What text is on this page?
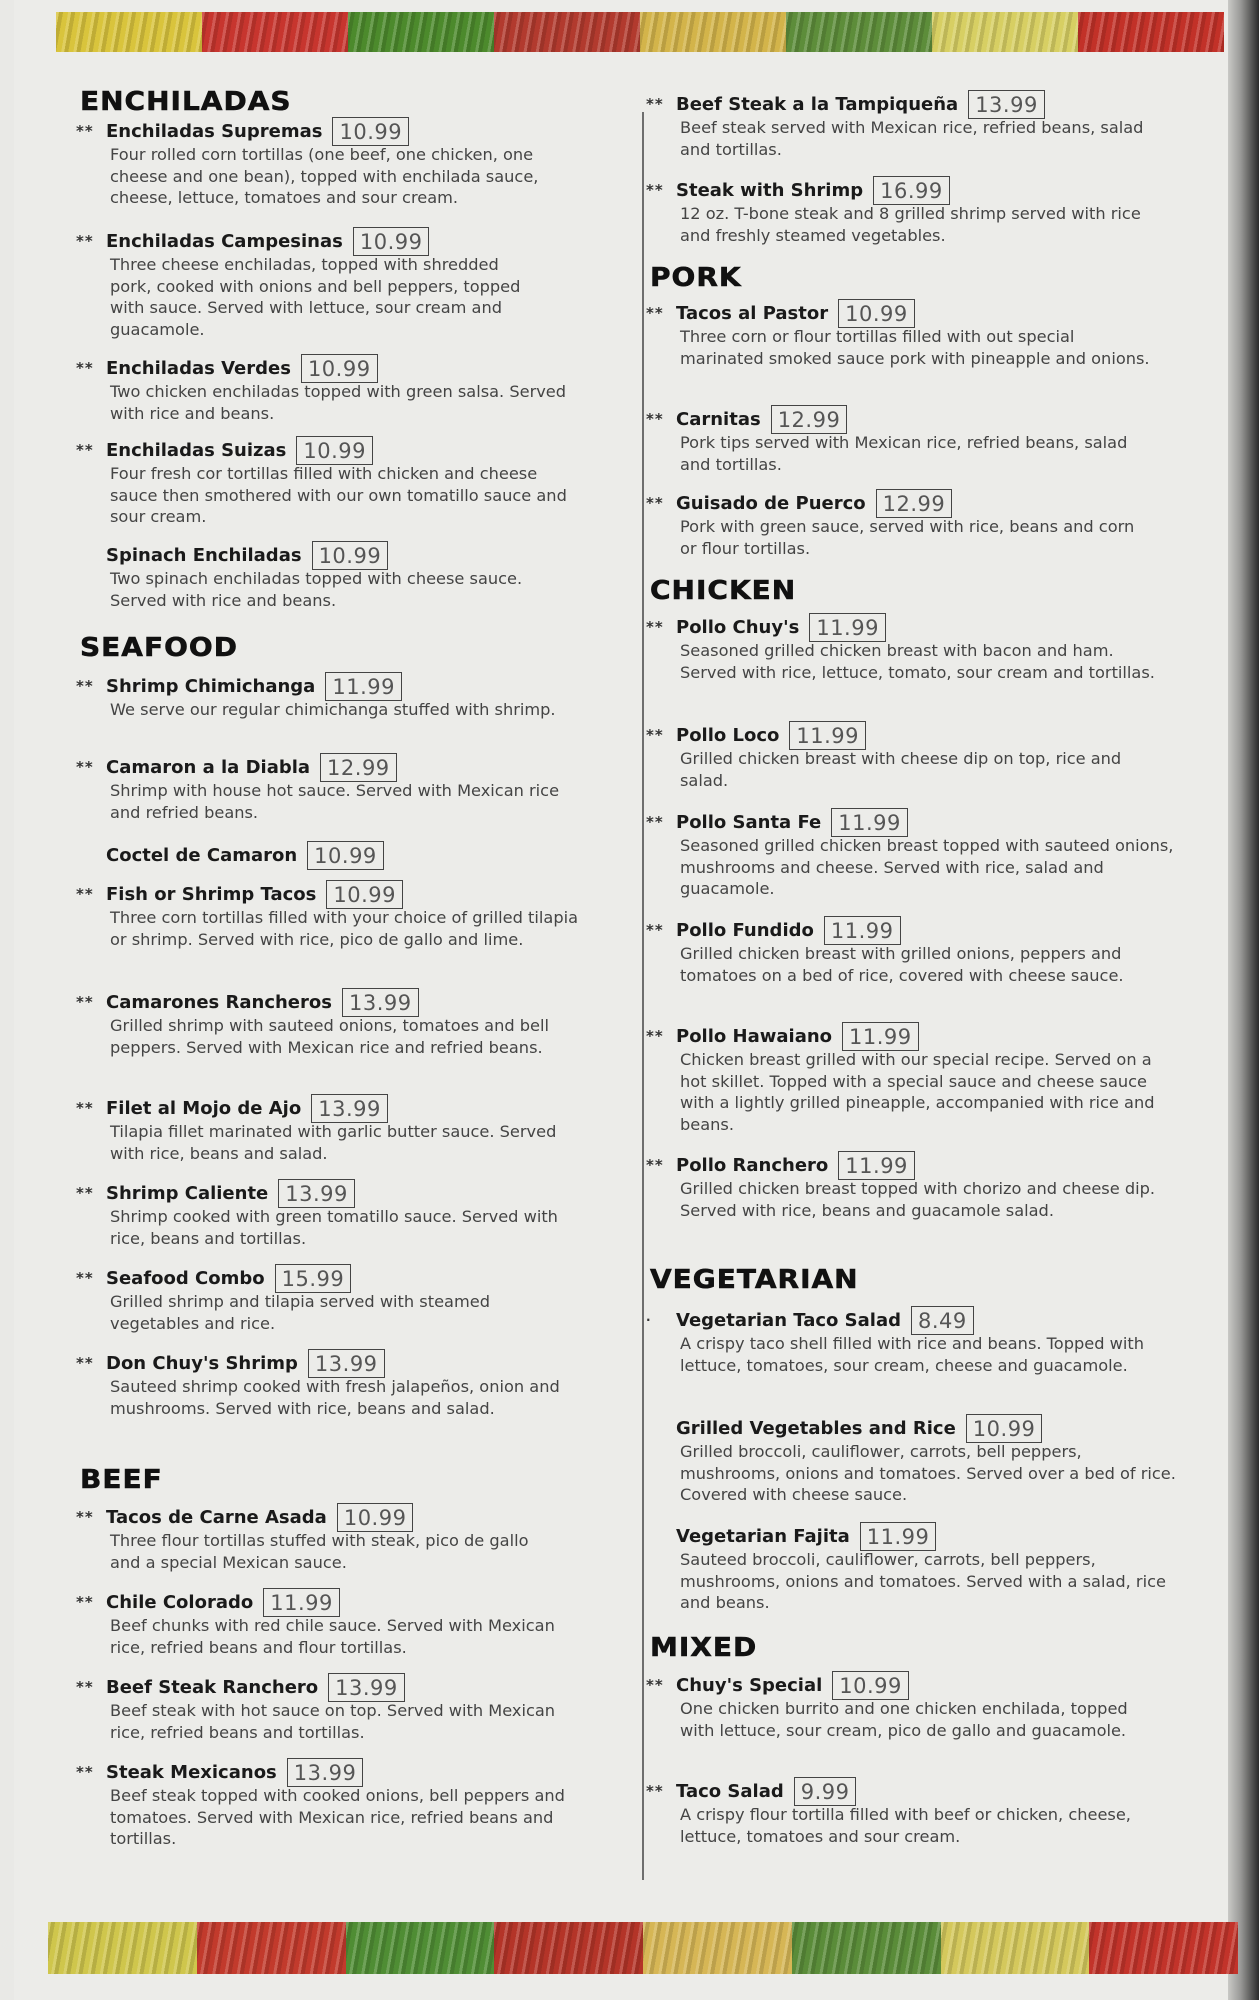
ENCHILADAS
** Enchiladas Supremas 10.99
Four rolled corn tortillas (one beef, one chicken, one cheese and one bean), topped with enchilada sauce, cheese, lettuce, tomatoes and sour cream.
** Enchiladas Campesinas 10.99
Three cheese enchiladas, topped with shredded pork, cooked with onions and bell peppers, topped with sauce. Served with lettuce, sour cream and guacamole.
** Enchiladas Verdes 10.99
Two chicken enchiladas topped with green salsa. Served with rice and beans.
** Enchiladas Suizas 10.99
Four fresh cor tortillas filled with chicken and cheese sauce then smothered with our own tomatillo sauce and sour cream.
Spinach Enchiladas 10.99
Two spinach enchiladas topped with cheese sauce. Served with rice and beans.
SEAFOOD
** Shrimp Chimichanga 11.99
We serve our regular chimichanga stuffed with shrimp.
** Camaron a la Diabla 12.99
Shrimp with house hot sauce. Served with Mexican rice and refried beans.
Coctel de Camaron 10.99
** Fish or Shrimp Tacos 10.99
Three corn tortillas filled with your choice of grilled tilapia or shrimp. Served with rice, pico de gallo and lime.
** Camarones Rancheros 13.99
Grilled shrimp with sauteed onions, tomatoes and bell peppers. Served with Mexican rice and refried beans.
** Filet al Mojo de Ajo 13.99
Tilapia fillet marinated with garlic butter sauce. Served with rice, beans and salad.
** Shrimp Caliente 13.99
Shrimp cooked with green tomatillo sauce. Served with rice, beans and tortillas.
** Seafood Combo 15.99
Grilled shrimp and tilapia served with steamed vegetables and rice.
** Don Chuy's Shrimp 13.99
Sauteed shrimp cooked with fresh jalapeños, onion and mushrooms. Served with rice, beans and salad.
BEEF
** Tacos de Carne Asada 10.99
Three flour tortillas stuffed with steak, pico de gallo and a special Mexican sauce.
** Chile Colorado 11.99
Beef chunks with red chile sauce. Served with Mexican rice, refried beans and flour tortillas.
** Beef Steak Ranchero 13.99
Beef steak with hot sauce on top. Served with Mexican rice, refried beans and tortillas.
** Steak Mexicanos 13.99
Beef steak topped with cooked onions, bell peppers and tomatoes. Served with Mexican rice, refried beans and tortillas.
** Beef Steak a la Tampiqueña 13.99
Beef steak served with Mexican rice, refried beans, salad and tortillas.
** Steak with Shrimp 16.99
12 oz. T-bone steak and 8 grilled shrimp served with rice and freshly steamed vegetables.
PORK
** Tacos al Pastor 10.99
Three corn or flour tortillas filled with out special marinated smoked sauce pork with pineapple and onions.
** Carnitas 12.99
Pork tips served with Mexican rice, refried beans, salad and tortillas.
** Guisado de Puerco 12.99
Pork with green sauce, served with rice, beans and corn or flour tortillas.
CHICKEN
** Pollo Chuy's 11.99
Seasoned grilled chicken breast with bacon and ham. Served with rice, lettuce, tomato, sour cream and tortillas.
** Pollo Loco 11.99
Grilled chicken breast with cheese dip on top, rice and salad.
** Pollo Santa Fe 11.99
Seasoned grilled chicken breast topped with sauteed onions, mushrooms and cheese. Served with rice, salad and guacamole.
** Pollo Fundido 11.99
Grilled chicken breast with grilled onions, peppers and tomatoes on a bed of rice, covered with cheese sauce.
** Pollo Hawaiano 11.99
Chicken breast grilled with our special recipe. Served on a hot skillet. Topped with a special sauce and cheese sauce with a lightly grilled pineapple, accompanied with rice and beans.
** Pollo Ranchero 11.99
Grilled chicken breast topped with chorizo and cheese dip. Served with rice, beans and guacamole salad.
VEGETARIAN
·	Vegetarian Taco Salad 8.49
A crispy taco shell filled with rice and beans. Topped with lettuce, tomatoes, sour cream, cheese and guacamole.
Grilled Vegetables and Rice 10.99
Grilled broccoli, cauliflower, carrots, bell peppers, mushrooms, onions and tomatoes. Served over a bed of rice. Covered with cheese sauce.
Vegetarian Fajita 11.99
Sauteed broccoli, cauliflower, carrots, bell peppers, mushrooms, onions and tomatoes. Served with a salad, rice and beans.
MIXED
** Chuy's Special 10.99
One chicken burrito and one chicken enchilada, topped with lettuce, sour cream, pico de gallo and guacamole.
** Taco Salad 9.99
A crispy flour tortilla filled with beef or chicken, cheese, lettuce, tomatoes and sour cream.
